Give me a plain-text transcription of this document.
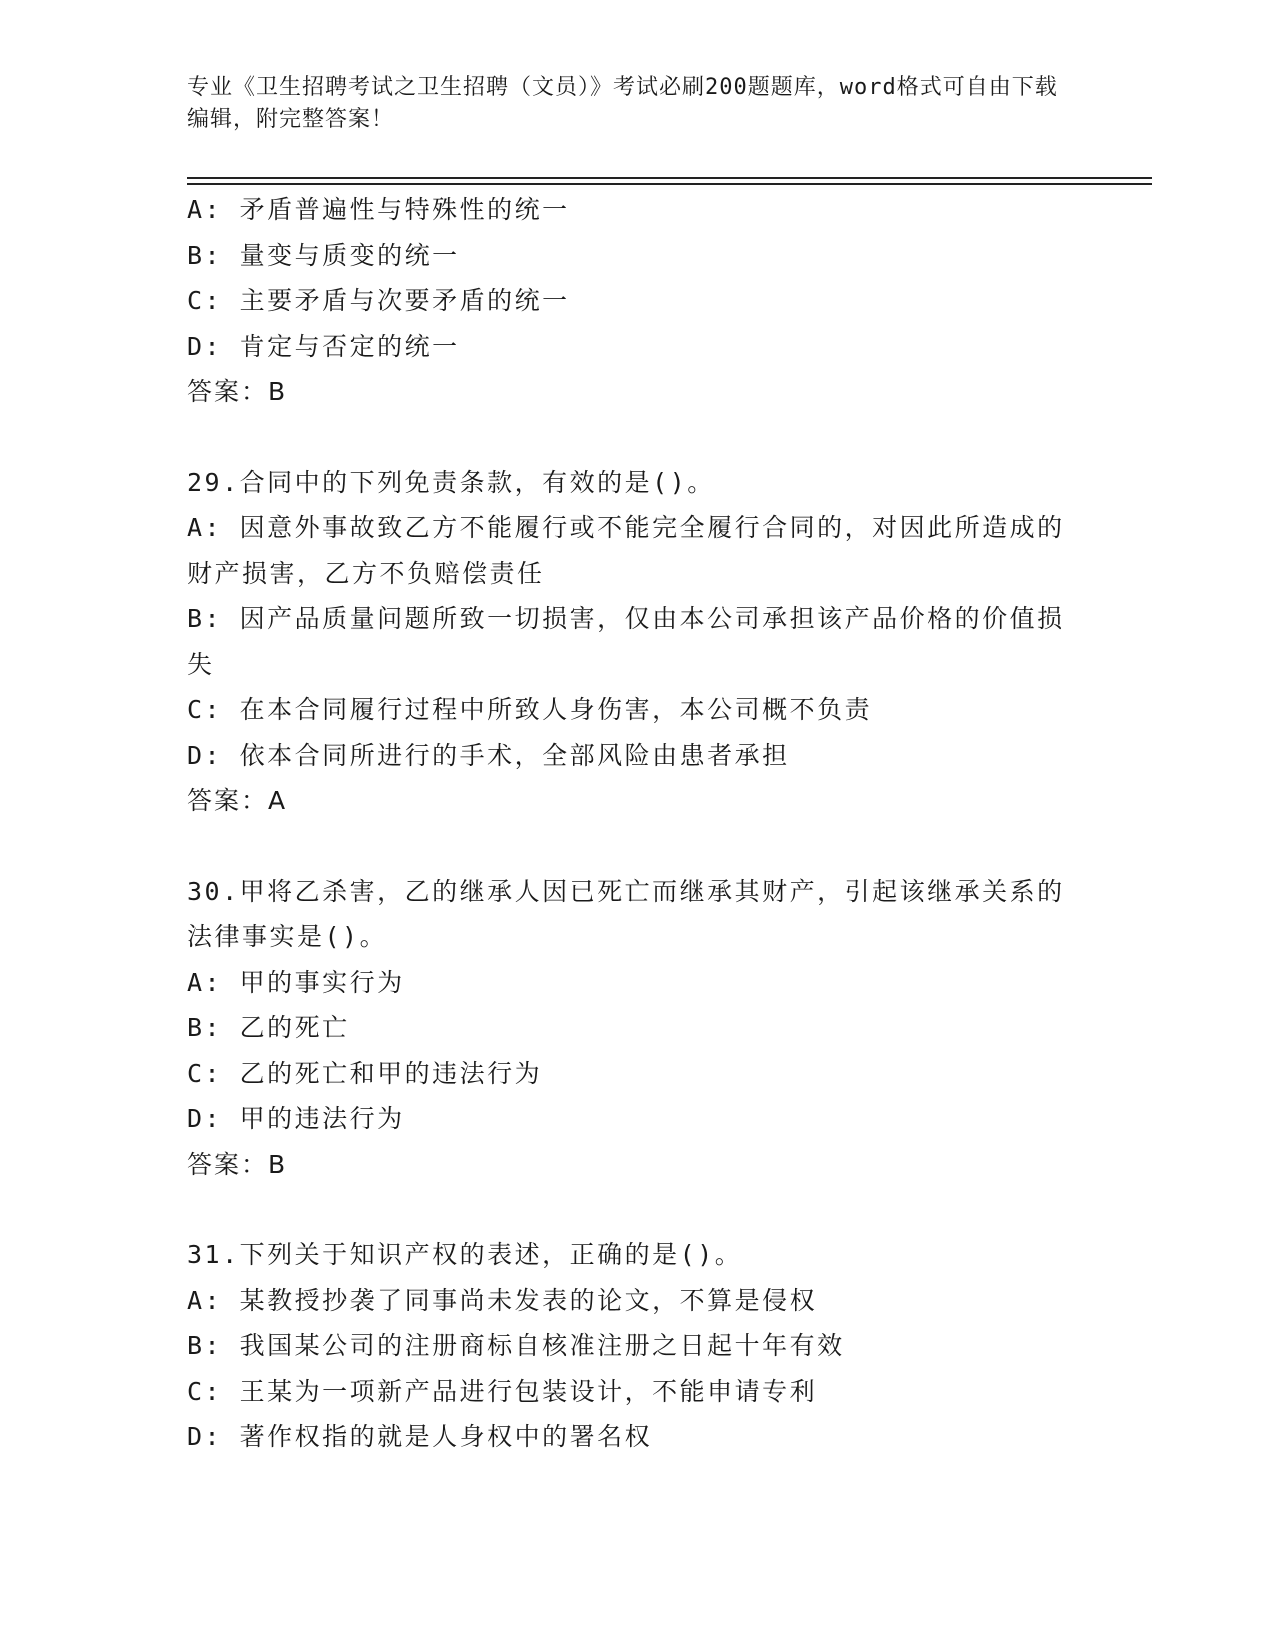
专业《卫生招聘考试之卫生招聘（文员）》考试必刷200题题库，word格式可自由下载编辑，附完整答案！
A: 矛盾普遍性与特殊性的统一
B: 量变与质变的统一
C: 主要矛盾与次要矛盾的统一
D: 肯定与否定的统一
答案：B
29.合同中的下列免责条款，有效的是()。
A: 因意外事故致乙方不能履行或不能完全履行合同的，对因此所造成的财产损害，乙方不负赔偿责任
B: 因产品质量问题所致一切损害，仅由本公司承担该产品价格的价值损失
C: 在本合同履行过程中所致人身伤害，本公司概不负责
D: 依本合同所进行的手术，全部风险由患者承担
答案：A
30.甲将乙杀害，乙的继承人因已死亡而继承其财产，引起该继承关系的法律事实是()。
A: 甲的事实行为
B: 乙的死亡
C: 乙的死亡和甲的违法行为
D: 甲的违法行为
答案：B
31.下列关于知识产权的表述，正确的是()。
A: 某教授抄袭了同事尚未发表的论文，不算是侵权
B: 我国某公司的注册商标自核准注册之日起十年有效
C: 王某为一项新产品进行包装设计，不能申请专利
D: 著作权指的就是人身权中的署名权
